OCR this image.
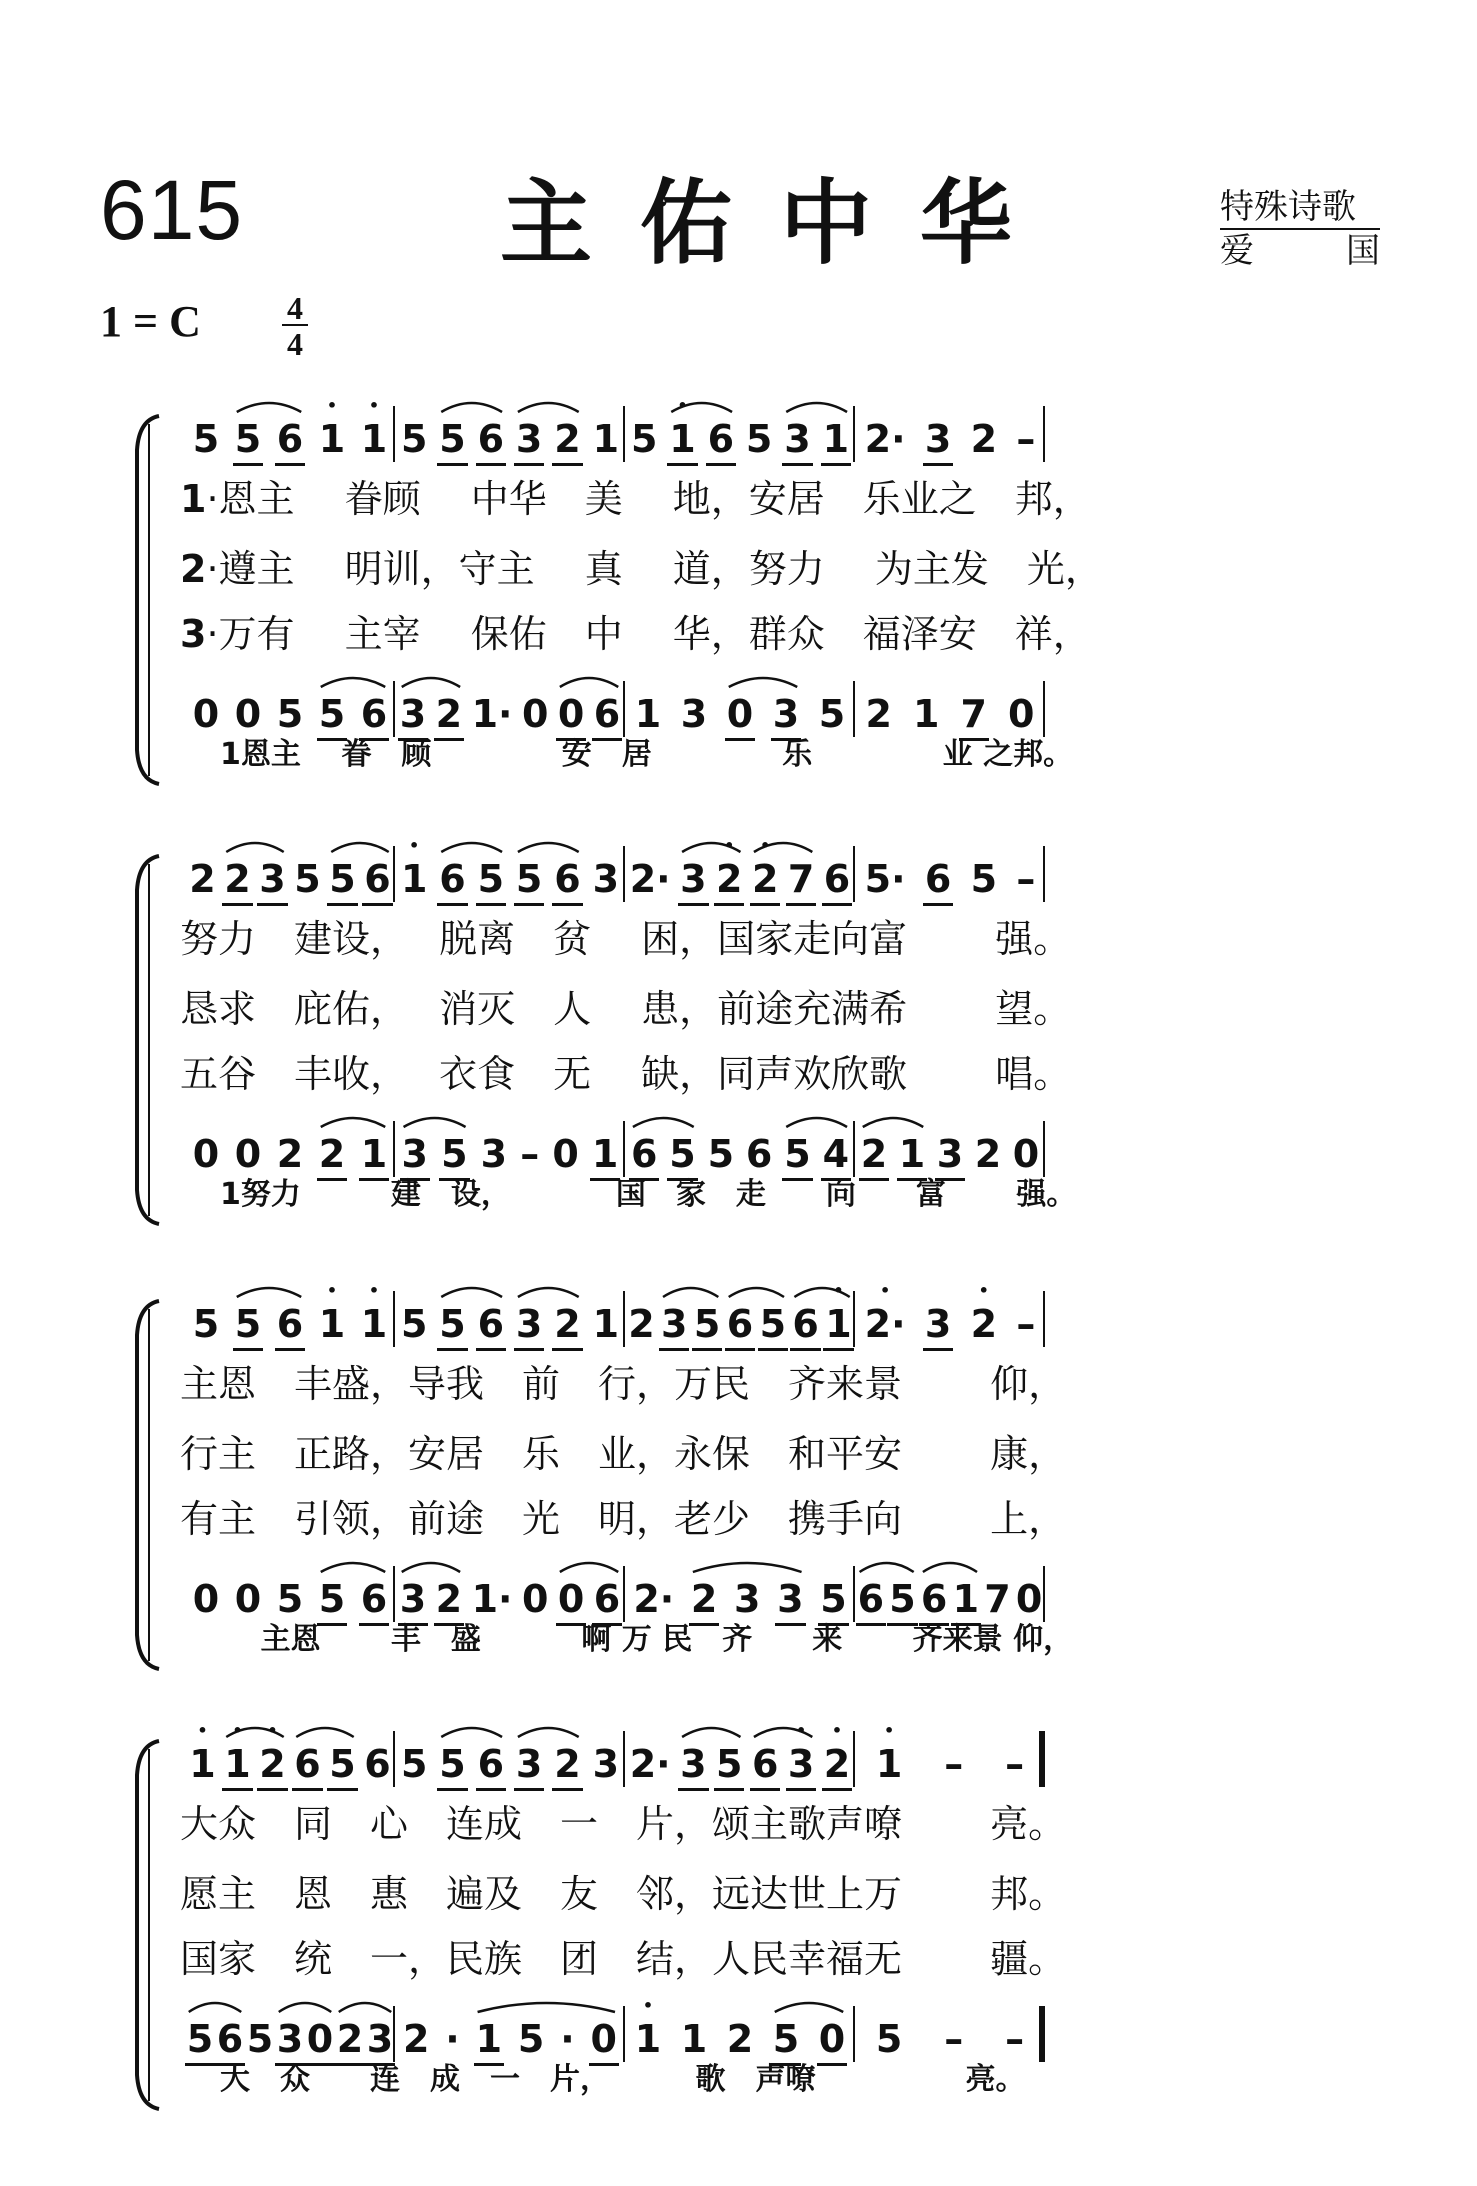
615	主佑中华	特殊诗歌
爱	国
1 = C	4
4
5 5 6 • 1 • 1 5 5 6 3 2 1 5 • 1 6 5 3 1 2· 3 2 –
1·恩主　 眷顾　 中华　美　 地，安居　乐业之　邦，
2·遵主　 明训，守主　 真　 道，努力　 为主发　光，
3·万有　 主宰　 保佑　中　 华，群众　福泽安　祥，
0 0 5 5 6 3 2 1· 0 0 6 1 3 0 3 5 2 1 7 0
1恩主　 眷　顾　　　　 安　居　　　　 乐　　　　 业 之邦。
2 2 3 5 5 6 • 1 6 5 5 6 3 2· 3 • 2 • 2 7 6 5· 6 5 –
努力　建设，　 脱离　贫　 困，国家走向富　　 强。
恳求　庇佑，　 消灭　人　 患，前途充满希　　 望。
五谷　丰收，　 衣食　无　 缺，同声欢欣歌　　 唱。
0 0 2 2 1 3 5 3 – 0 1 6 5 5 6 5 4 2 1 3 2 0
1努力　　　建　设，　　　　国　家　走　　向　　富　　 强。
5 5 6 • 1 • 1 5 5 6 3 2 1 2 3 5 6 5 6 • 1 • 2· 3 • 2 –
主恩　丰盛，导我　前　行，万民　齐来景　　 仰，
行主　正路，安居　乐　业，永保　和平安　　 康，
有主　引领，前途　光　明，老少　携手向　　 上，
0 0 5 5 6 3 2 1· 0 0 6 2· 2 3 3 5 6 5 6 1 7 0
　 主恩　　 丰　盛　　　 啊 万 民　齐　　来　　 齐来景 仰，
• 1 • 1 • 2 6 5 6 5 5 6 3 2 3 2· 3 5 6 • 3 • 2 • 1 – –
大众　同　心　连成　一　片，颂主歌声嘹　　 亮。
愿主　恩　惠　遍及　友　邻，远达世上万　　 邦。
国家　统　一，民族　团　结，人民幸福无　　 疆。
5 6 5 3 0 2 3 2 · 1 5 · 0 • 1 1 2 5 0 5 – –
大　众　　连　成　一　片，　　　 歌　声嘹　　　　　亮。
